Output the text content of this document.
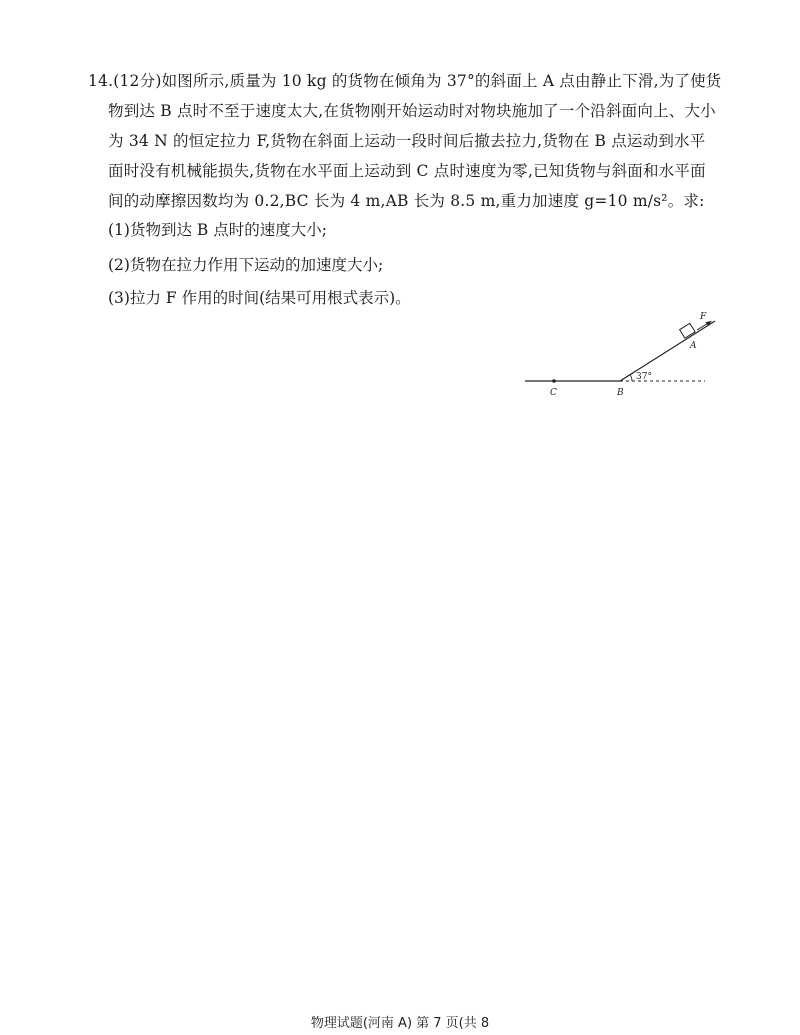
14.(12分)如图所示,质量为 10 kg 的货物在倾角为 37°的斜面上 A 点由静止下滑,为了使货
物到达 B 点时不至于速度太大,在货物刚开始运动时对物块施加了一个沿斜面向上、大小
为 34 N 的恒定拉力 F,货物在斜面上运动一段时间后撤去拉力,货物在 B 点运动到水平
面时没有机械能损失,货物在水平面上运动到 C 点时速度为零,已知货物与斜面和水平面
间的动摩擦因数均为 0.2,BC 长为 4 m,AB 长为 8.5 m,重力加速度 g=10 m/s²。求:
(1)货物到达 B 点时的速度大小;
(2)货物在拉力作用下运动的加速度大小;
(3)拉力 F 作用的时间(结果可用根式表示)。
F
A
B
C
37°
物理试题(河南 A) 第 7 页(共 8
